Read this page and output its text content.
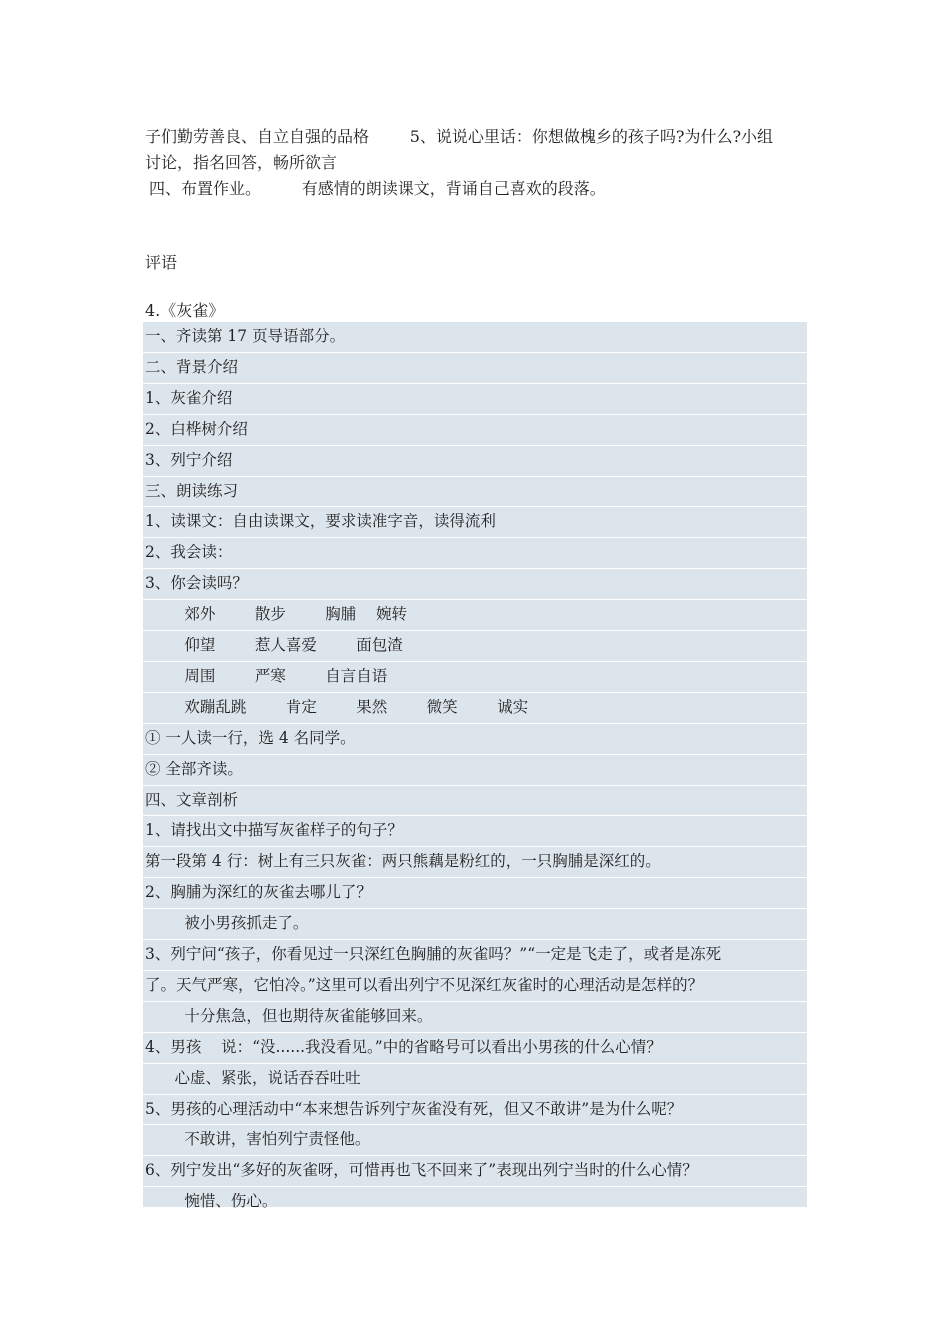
子们勤劳善良、自立自强的品格        5、说说心里话：你想做槐乡的孩子吗?为什么?小组

讨论，指名回答，畅所欲言

四、布置作业。        有感情的朗读课文，背诵自己喜欢的段落。

评语

4.《灰雀》

一、齐读第 17 页导语部分。

二、背景介绍

1、灰雀介绍

2、白桦树介绍

3、列宁介绍

三、朗读练习

1、读课文：自由读课文，要求读准字音，读得流利

2、我会读：

3、你会读吗？

郊外        散步        胸脯    婉转

仰望        惹人喜爱        面包渣

周围        严寒        自言自语

欢蹦乱跳        肯定        果然        微笑        诚实

① 一人读一行，选 4 名同学。

② 全部齐读。

四、文章剖析

1、请找出文中描写灰雀样子的句子？

第一段第 4 行：树上有三只灰雀：两只熊藕是粉红的，一只胸脯是深红的。

2、胸脯为深红的灰雀去哪儿了？

被小男孩抓走了。

3、列宁问“孩子，你看见过一只深红色胸脯的灰雀吗？”“一定是飞走了，或者是冻死

了。天气严寒，它怕冷。”这里可以看出列宁不见深红灰雀时的心理活动是怎样的？

十分焦急，但也期待灰雀能够回来。

4、男孩    说：“没......我没看见。”中的省略号可以看出小男孩的什么心情？

心虚、紧张，说话吞吞吐吐

5、男孩的心理活动中“本来想告诉列宁灰雀没有死，但又不敢讲”是为什么呢？

不敢讲，害怕列宁责怪他。

6、列宁发出“多好的灰雀呀，可惜再也飞不回来了”表现出列宁当时的什么心情？

惋惜、伤心。
